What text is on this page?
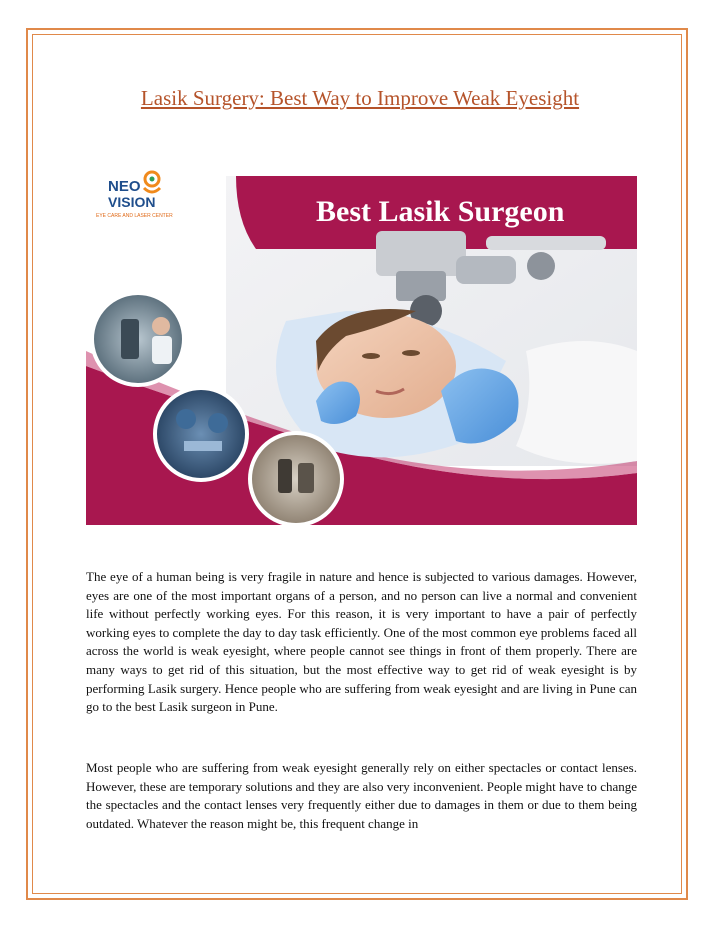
Lasik Surgery: Best Way to Improve Weak Eyesight
Best Lasik Surgeon
NEO
VISION
EYE CARE AND LASER CENTER

The eye of a human being is very fragile in nature and hence is subjected to various damages. However, eyes are one of the most important organs of a person, and no person can live a normal and convenient life without perfectly working eyes. For this reason, it is very important to have a pair of perfectly working eyes to complete the day to day task efficiently. One of the most common eye problems faced all across the world is weak eyesight, where people cannot see things in front of them properly. There are many ways to get rid of this situation, but the most effective way to get rid of weak eyesight is by performing Lasik surgery. Hence people who are suffering from weak eyesight and are living in Pune can go to the best Lasik surgeon in Pune.

Most people who are suffering from weak eyesight generally rely on either spectacles or contact lenses. However, these are temporary solutions and they are also very inconvenient. People might have to change the spectacles and the contact lenses very frequently either due to damages in them or due to them being outdated. Whatever the reason might be, this frequent change in
